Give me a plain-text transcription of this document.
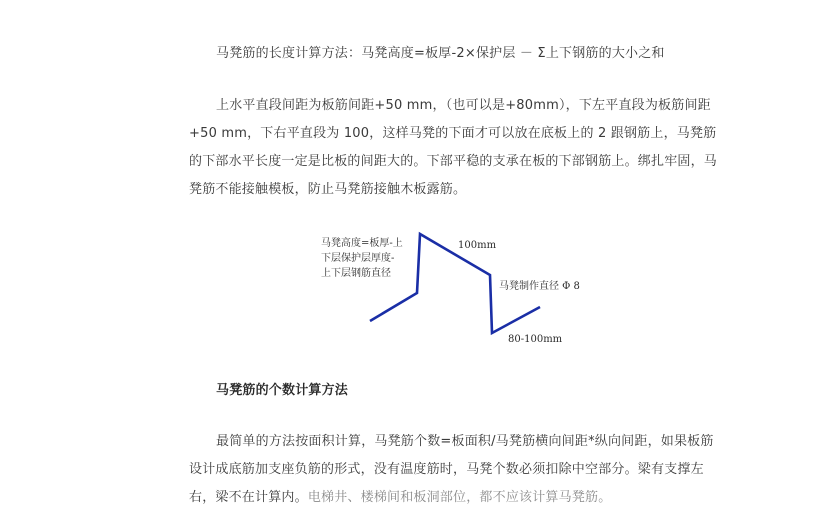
马凳筋的长度计算方法：马凳高度=板厚-2×保护层 － Σ上下钢筋的大小之和

上水平直段间距为板筋间距+50 mm，（也可以是+80mm），下左平直段为板筋间距+50 mm，下右平直段为 100，这样马凳的下面才可以放在底板上的 2 跟钢筋上，马凳筋的下部水平长度一定是比板的间距大的。下部平稳的支承在板的下部钢筋上。绑扎牢固，马凳筋不能接触模板，防止马凳筋接触木板露筋。

马凳高度=板厚-上
下层保护层厚度-
上下层钢筋直径
100mm
马凳制作直径 Φ 8
80-100mm

马凳筋的个数计算方法

最简单的方法按面积计算，马凳筋个数=板面积/马凳筋横向间距*纵向间距，如果板筋设计成底筋加支座负筋的形式，没有温度筋时，马凳个数必须扣除中空部分。梁有支撑左右，梁不在计算内。电梯井、楼梯间和板洞部位，都不应该计算马凳筋。
